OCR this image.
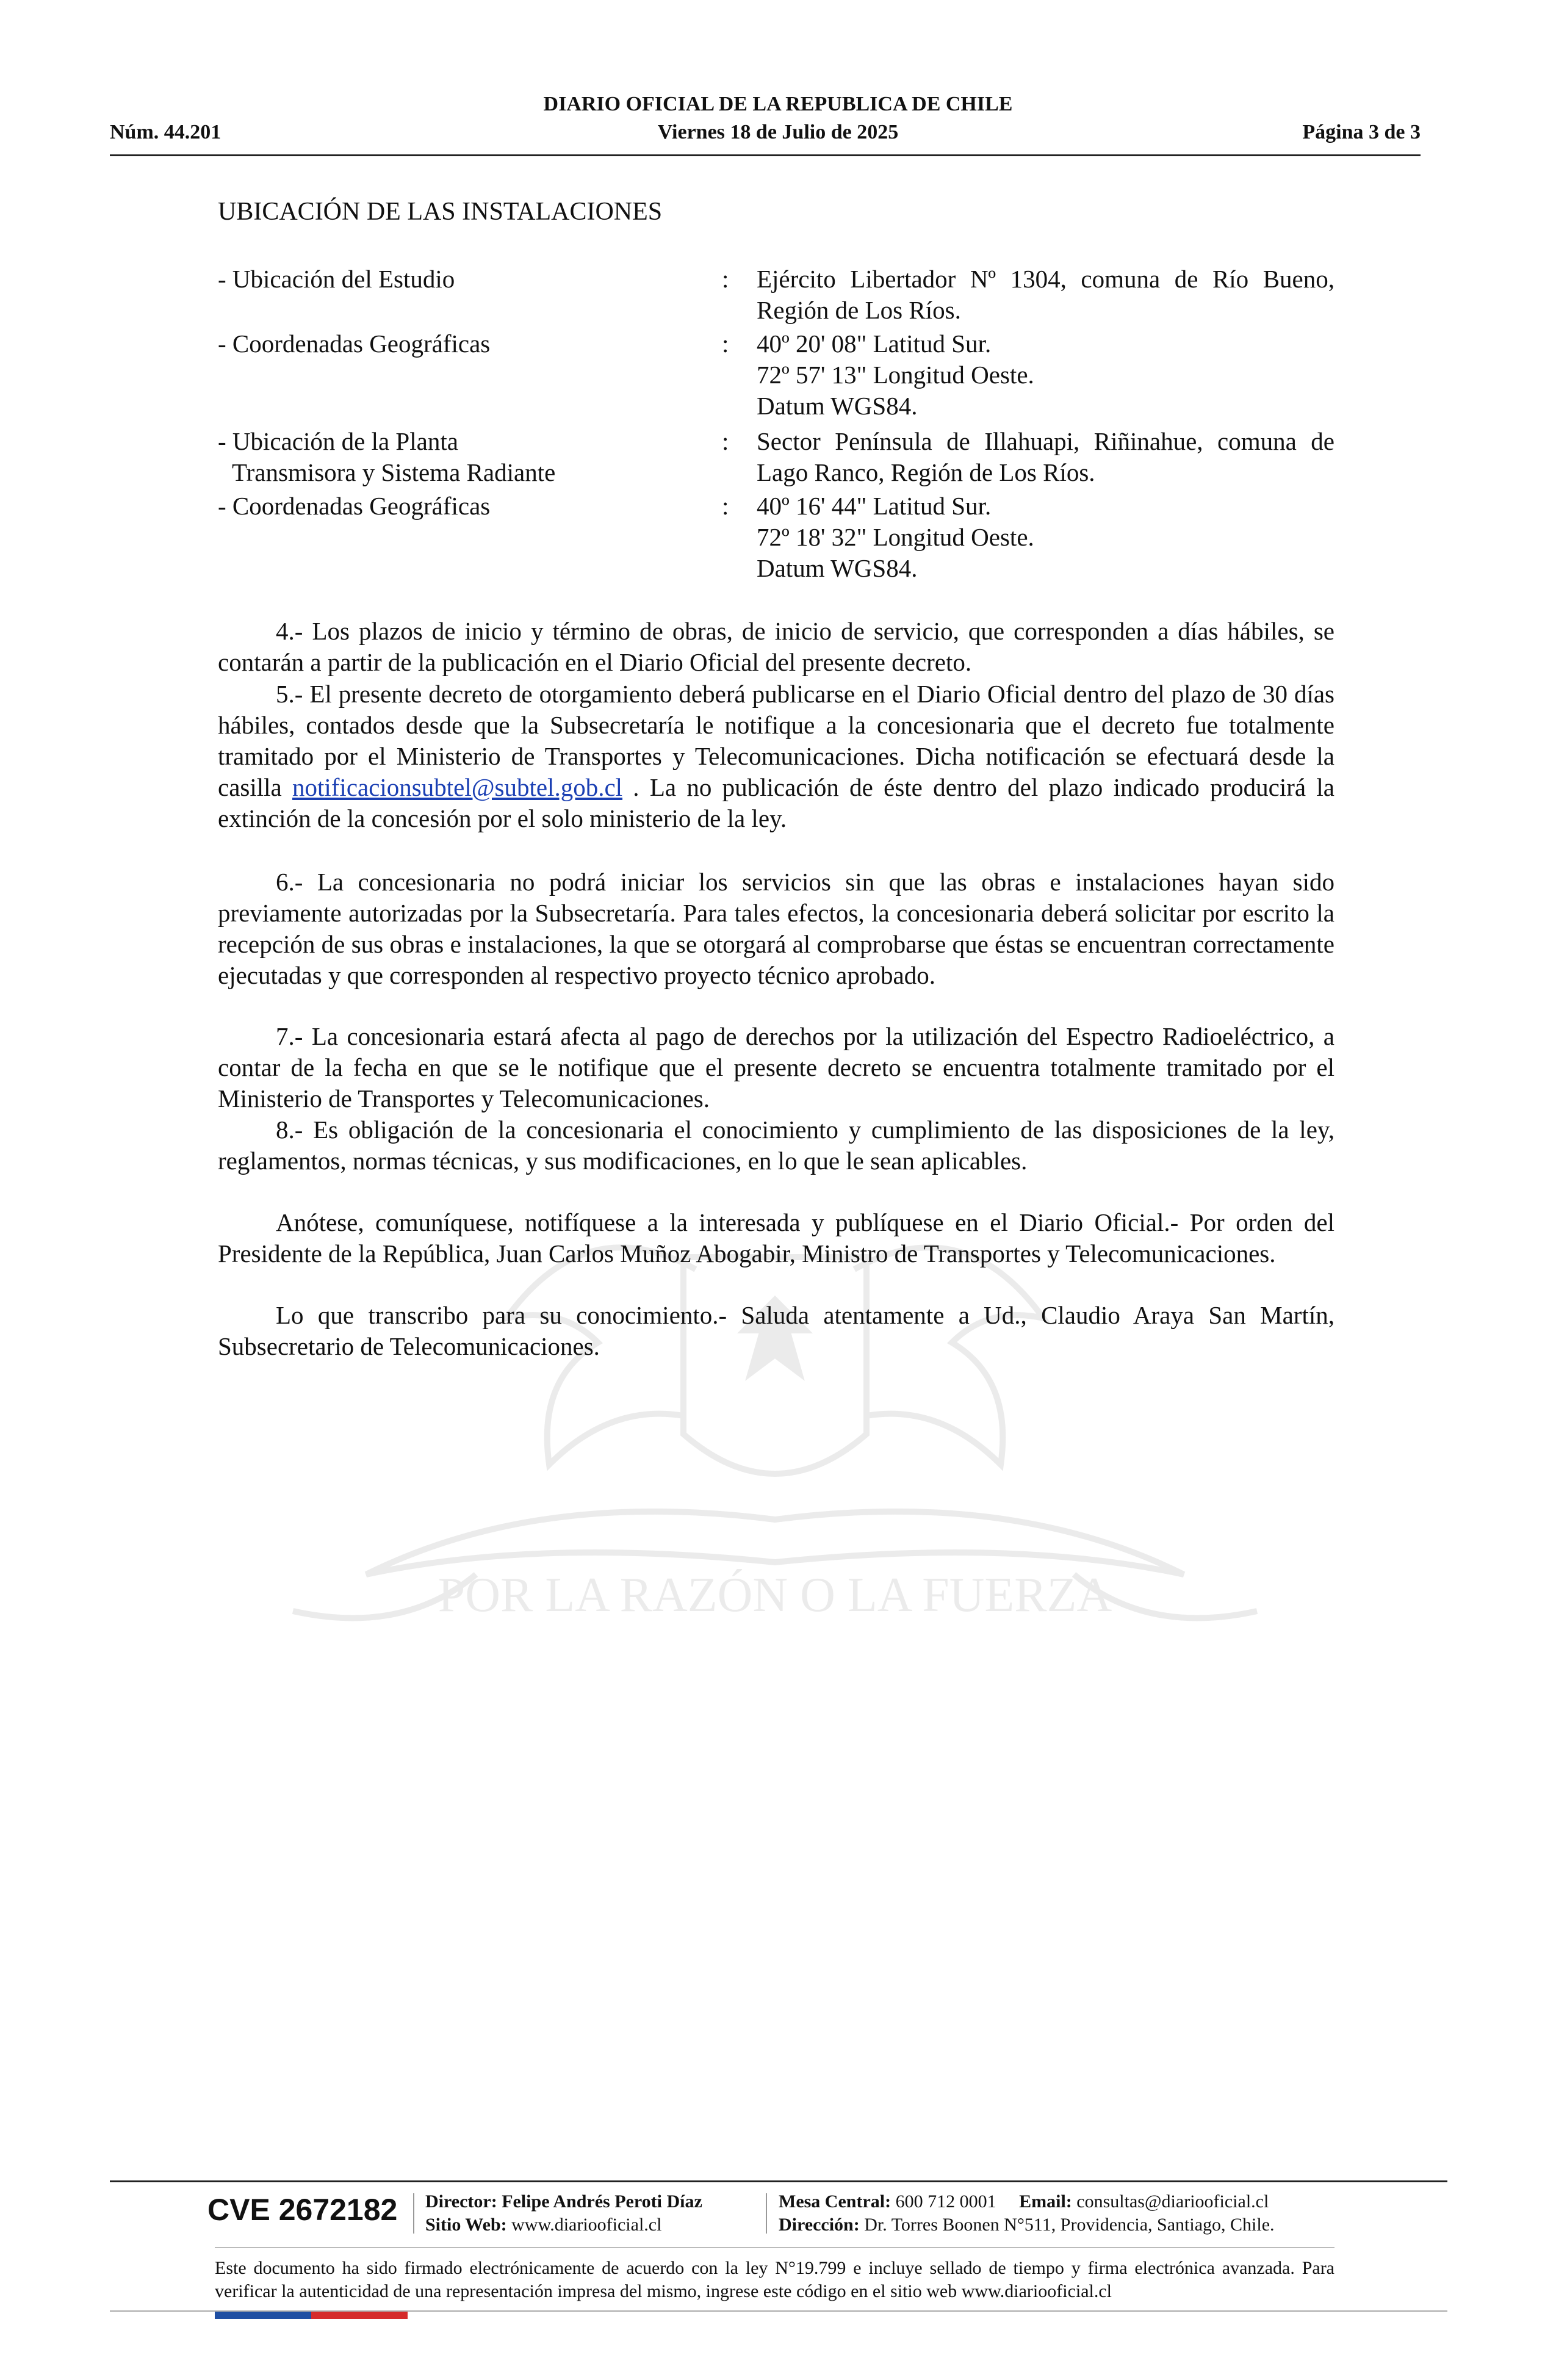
DIARIO OFICIAL DE LA REPUBLICA DE CHILE
Núm. 44.201	Viernes 18 de Julio de 2025	Página 3 de 3
POR LA RAZÓN O LA FUERZA
UBICACIÓN DE LAS INSTALACIONES
- Ubicación del Estudio	: Ejército Libertador Nº 1304, comuna de Río Bueno, Región de Los Ríos.
- Coordenadas Geográficas	: 40º 20' 08" Latitud Sur.
72º 57' 13" Longitud Oeste.
Datum WGS84.
- Ubicación de la Planta
Transmisora y Sistema Radiante
: Sector Península de Illahuapi, Riñinahue, comuna de Lago Ranco, Región de Los Ríos.
- Coordenadas Geográficas	: 40º 16' 44" Latitud Sur.
72º 18' 32" Longitud Oeste.
Datum WGS84.

4.- Los plazos de inicio y término de obras, de inicio de servicio, que corresponden a días hábiles, se contarán a partir de la publicación en el Diario Oficial del presente decreto.

5.- El presente decreto de otorgamiento deberá publicarse en el Diario Oficial dentro del plazo de 30 días hábiles, contados desde que la Subsecretaría le notifique a la concesionaria que el decreto fue totalmente tramitado por el Ministerio de Transportes y Telecomunicaciones. Dicha notificación se efectuará desde la casilla notificacionsubtel@subtel.gob.cl . La no publicación de éste dentro del plazo indicado producirá la extinción de la concesión por el solo ministerio de la ley.

6.- La concesionaria no podrá iniciar los servicios sin que las obras e instalaciones hayan sido previamente autorizadas por la Subsecretaría. Para tales efectos, la concesionaria deberá solicitar por escrito la recepción de sus obras e instalaciones, la que se otorgará al comprobarse que éstas se encuentran correctamente ejecutadas y que corresponden al respectivo proyecto técnico aprobado.

7.- La concesionaria estará afecta al pago de derechos por la utilización del Espectro Radioeléctrico, a contar de la fecha en que se le notifique que el presente decreto se encuentra totalmente tramitado por el Ministerio de Transportes y Telecomunicaciones.

8.- Es obligación de la concesionaria el conocimiento y cumplimiento de las disposiciones de la ley, reglamentos, normas técnicas, y sus modificaciones, en lo que le sean aplicables.

Anótese, comuníquese, notifíquese a la interesada y publíquese en el Diario Oficial.- Por orden del Presidente de la República, Juan Carlos Muñoz Abogabir, Ministro de Transportes y Telecomunicaciones.

Lo que transcribo para su conocimiento.- Saluda atentamente a Ud., Claudio Araya San Martín, Subsecretario de Telecomunicaciones.

CVE 2672182 Director: Felipe Andrés Peroti Díaz
Sitio Web: www.diariooficial.cl
Mesa Central: 600 712 0001 Email: consultas@diariooficial.cl
Dirección: Dr. Torres Boonen N°511, Providencia, Santiago, Chile.
Este documento ha sido firmado electrónicamente de acuerdo con la ley N°19.799 e incluye sellado de tiempo y firma electrónica avanzada. Para verificar la autenticidad de una representación impresa del mismo, ingrese este código en el sitio web www.diariooficial.cl
